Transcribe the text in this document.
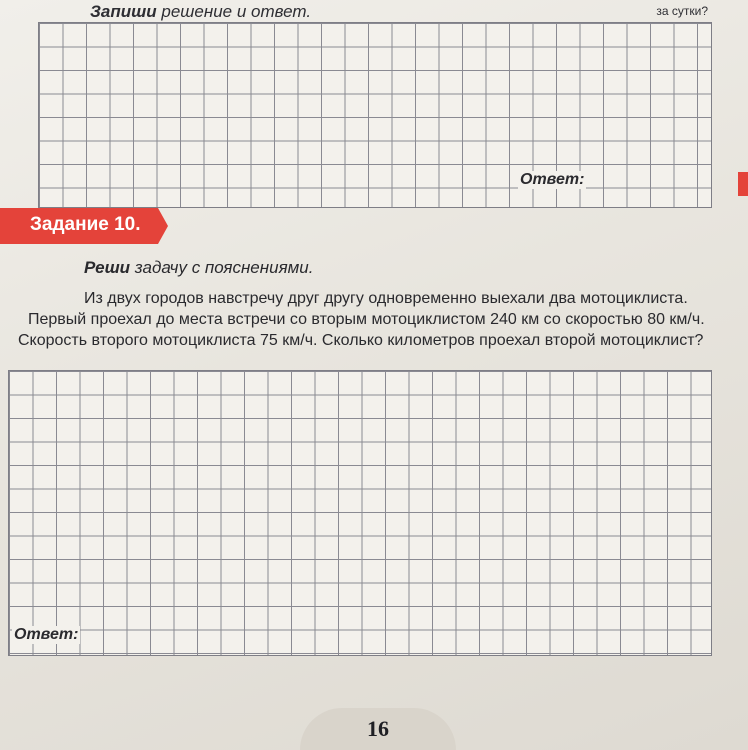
Запиши решение и ответ.	за сутки?
Ответ:
Задание 10.
Реши задачу с пояснениями.
Из двух городов навстречу друг другу одновременно выехали два мотоциклиста.
Первый проехал до места встречи со вторым мотоциклистом 240 км со скоростью 80 км/ч.
Скорость второго мотоциклиста 75 км/ч. Сколько километров проехал второй мотоциклист?
Ответ:
16
